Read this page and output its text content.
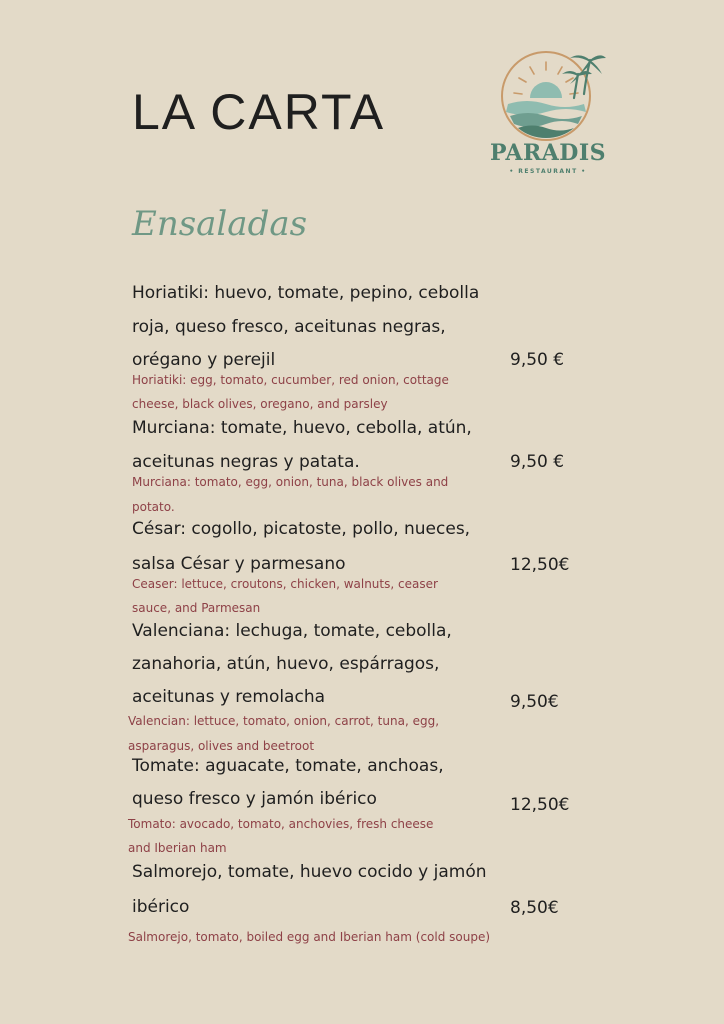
LA CARTA
PARADIS
• RESTAURANT •
Ensaladas
Horiatiki: huevo, tomate, pepino, cebolla
roja, queso fresco, aceitunas negras,
orégano y perejil	9,50 €
Horiatiki: egg, tomato, cucumber, red onion, cottage
cheese, black olives, oregano, and parsley
Murciana: tomate, huevo, cebolla, atún,
aceitunas negras y patata.	9,50 €
Murciana: tomato, egg, onion, tuna, black olives and
potato.
César: cogollo, picatoste, pollo, nueces,
salsa César y parmesano	12,50€
Ceaser: lettuce, croutons, chicken, walnuts, ceaser
sauce, and Parmesan
Valenciana: lechuga, tomate, cebolla,
zanahoria, atún, huevo, espárragos,
aceitunas y remolacha	9,50€
Valencian: lettuce, tomato, onion, carrot, tuna, egg,
asparagus, olives and beetroot
Tomate: aguacate, tomate, anchoas,
queso fresco y jamón ibérico	12,50€
Tomato: avocado, tomato, anchovies, fresh cheese
and Iberian ham
Salmorejo, tomate, huevo cocido y jamón
ibérico	8,50€
Salmorejo, tomato, boiled egg and Iberian ham (cold soupe)
